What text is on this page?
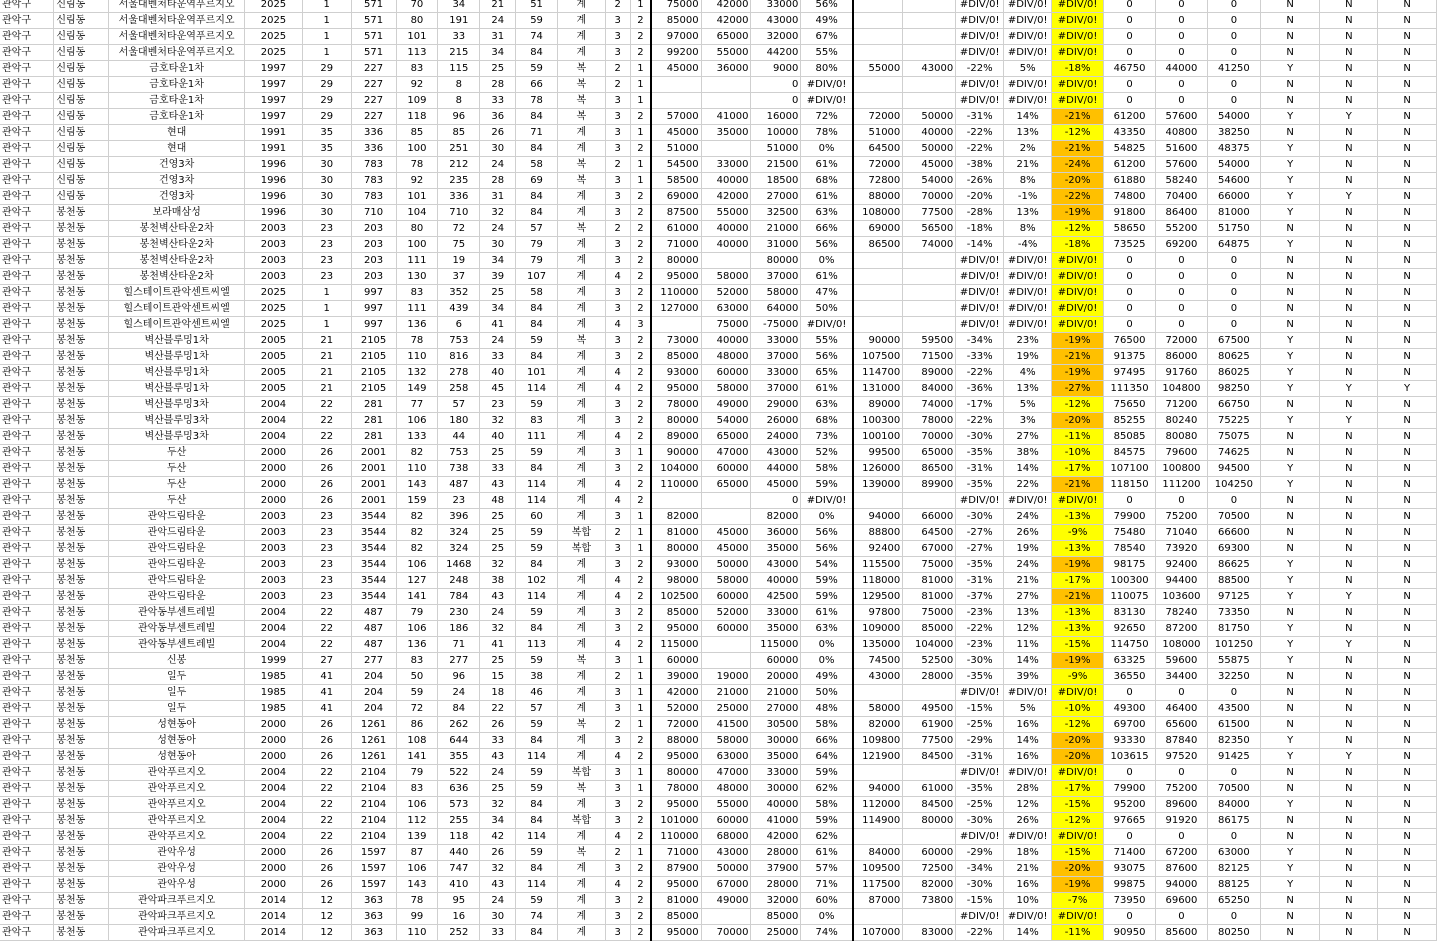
관악구	신림동	서울대벤처타운역푸르지오	2025	1	571	70	34	21	51	계	2	1	75000	42000	33000	56%			#DIV/0!	#DIV/0!	#DIV/0!	0	0	0	N	N	N
관악구	신림동	서울대벤처타운역푸르지오	2025	1	571	80	191	24	59	계	3	2	85000	42000	43000	49%			#DIV/0!	#DIV/0!	#DIV/0!	0	0	0	N	N	N
관악구	신림동	서울대벤처타운역푸르지오	2025	1	571	101	33	31	74	계	3	2	97000	65000	32000	67%			#DIV/0!	#DIV/0!	#DIV/0!	0	0	0	N	N	N
관악구	신림동	서울대벤처타운역푸르지오	2025	1	571	113	215	34	84	계	3	2	99200	55000	44200	55%			#DIV/0!	#DIV/0!	#DIV/0!	0	0	0	N	N	N
관악구	신림동	금호타운1차	1997	29	227	83	115	25	59	복	2	1	45000	36000	9000	80%	55000	43000	-22%	5%	-18%	46750	44000	41250	Y	N	N
관악구	신림동	금호타운1차	1997	29	227	92	8	28	66	복	2	1			0	#DIV/0!			#DIV/0!	#DIV/0!	#DIV/0!	0	0	0	N	N	N
관악구	신림동	금호타운1차	1997	29	227	109	8	33	78	복	3	1			0	#DIV/0!			#DIV/0!	#DIV/0!	#DIV/0!	0	0	0	N	N	N
관악구	신림동	금호타운1차	1997	29	227	118	96	36	84	복	3	2	57000	41000	16000	72%	72000	50000	-31%	14%	-21%	61200	57600	54000	Y	Y	N
관악구	신림동	현대	1991	35	336	85	85	26	71	계	3	1	45000	35000	10000	78%	51000	40000	-22%	13%	-12%	43350	40800	38250	N	N	N
관악구	신림동	현대	1991	35	336	100	251	30	84	계	3	2	51000		51000	0%	64500	50000	-22%	2%	-21%	54825	51600	48375	Y	N	N
관악구	신림동	건영3차	1996	30	783	78	212	24	58	복	2	1	54500	33000	21500	61%	72000	45000	-38%	21%	-24%	61200	57600	54000	Y	N	N
관악구	신림동	건영3차	1996	30	783	92	235	28	69	복	3	1	58500	40000	18500	68%	72800	54000	-26%	8%	-20%	61880	58240	54600	Y	N	N
관악구	신림동	건영3차	1996	30	783	101	336	31	84	계	3	2	69000	42000	27000	61%	88000	70000	-20%	-1%	-22%	74800	70400	66000	Y	Y	N
관악구	봉천동	보라매삼성	1996	30	710	104	710	32	84	계	3	2	87500	55000	32500	63%	108000	77500	-28%	13%	-19%	91800	86400	81000	Y	N	N
관악구	봉천동	봉천벽산타운2차	2003	23	203	80	72	24	57	복	2	2	61000	40000	21000	66%	69000	56500	-18%	8%	-12%	58650	55200	51750	N	N	N
관악구	봉천동	봉천벽산타운2차	2003	23	203	100	75	30	79	계	3	2	71000	40000	31000	56%	86500	74000	-14%	-4%	-18%	73525	69200	64875	Y	N	N
관악구	봉천동	봉천벽산타운2차	2003	23	203	111	19	34	79	계	3	2	80000		80000	0%			#DIV/0!	#DIV/0!	#DIV/0!	0	0	0	N	N	N
관악구	봉천동	봉천벽산타운2차	2003	23	203	130	37	39	107	계	4	2	95000	58000	37000	61%			#DIV/0!	#DIV/0!	#DIV/0!	0	0	0	N	N	N
관악구	봉천동	힐스테이트관악센트씨엘	2025	1	997	83	352	25	58	계	3	2	110000	52000	58000	47%			#DIV/0!	#DIV/0!	#DIV/0!	0	0	0	N	N	N
관악구	봉천동	힐스테이트관악센트씨엘	2025	1	997	111	439	34	84	계	3	2	127000	63000	64000	50%			#DIV/0!	#DIV/0!	#DIV/0!	0	0	0	N	N	N
관악구	봉천동	힐스테이트관악센트씨엘	2025	1	997	136	6	41	84	계	4	3		75000	-75000	#DIV/0!			#DIV/0!	#DIV/0!	#DIV/0!	0	0	0	N	N	N
관악구	봉천동	벽산블루밍1차	2005	21	2105	78	753	24	59	복	3	2	73000	40000	33000	55%	90000	59500	-34%	23%	-19%	76500	72000	67500	Y	N	N
관악구	봉천동	벽산블루밍1차	2005	21	2105	110	816	33	84	계	3	2	85000	48000	37000	56%	107500	71500	-33%	19%	-21%	91375	86000	80625	Y	N	N
관악구	봉천동	벽산블루밍1차	2005	21	2105	132	278	40	101	계	4	2	93000	60000	33000	65%	114700	89000	-22%	4%	-19%	97495	91760	86025	Y	N	N
관악구	봉천동	벽산블루밍1차	2005	21	2105	149	258	45	114	계	4	2	95000	58000	37000	61%	131000	84000	-36%	13%	-27%	111350	104800	98250	Y	Y	Y
관악구	봉천동	벽산블루밍3차	2004	22	281	77	57	23	59	계	3	2	78000	49000	29000	63%	89000	74000	-17%	5%	-12%	75650	71200	66750	N	N	N
관악구	봉천동	벽산블루밍3차	2004	22	281	106	180	32	83	계	3	2	80000	54000	26000	68%	100300	78000	-22%	3%	-20%	85255	80240	75225	Y	Y	N
관악구	봉천동	벽산블루밍3차	2004	22	281	133	44	40	111	계	4	2	89000	65000	24000	73%	100100	70000	-30%	27%	-11%	85085	80080	75075	N	N	N
관악구	봉천동	두산	2000	26	2001	82	753	25	59	계	3	1	90000	47000	43000	52%	99500	65000	-35%	38%	-10%	84575	79600	74625	N	N	N
관악구	봉천동	두산	2000	26	2001	110	738	33	84	계	3	2	104000	60000	44000	58%	126000	86500	-31%	14%	-17%	107100	100800	94500	Y	N	N
관악구	봉천동	두산	2000	26	2001	143	487	43	114	계	4	2	110000	65000	45000	59%	139000	89900	-35%	22%	-21%	118150	111200	104250	Y	N	N
관악구	봉천동	두산	2000	26	2001	159	23	48	114	계	4	2			0	#DIV/0!			#DIV/0!	#DIV/0!	#DIV/0!	0	0	0	N	N	N
관악구	봉천동	관악드림타운	2003	23	3544	82	396	25	60	계	3	1	82000		82000	0%	94000	66000	-30%	24%	-13%	79900	75200	70500	N	N	N
관악구	봉천동	관악드림타운	2003	23	3544	82	324	25	59	복합	2	1	81000	45000	36000	56%	88800	64500	-27%	26%	-9%	75480	71040	66600	N	N	N
관악구	봉천동	관악드림타운	2003	23	3544	82	324	25	59	복합	3	1	80000	45000	35000	56%	92400	67000	-27%	19%	-13%	78540	73920	69300	N	N	N
관악구	봉천동	관악드림타운	2003	23	3544	106	1468	32	84	계	3	2	93000	50000	43000	54%	115500	75000	-35%	24%	-19%	98175	92400	86625	Y	N	N
관악구	봉천동	관악드림타운	2003	23	3544	127	248	38	102	계	4	2	98000	58000	40000	59%	118000	81000	-31%	21%	-17%	100300	94400	88500	Y	N	N
관악구	봉천동	관악드림타운	2003	23	3544	141	784	43	114	계	4	2	102500	60000	42500	59%	129500	81000	-37%	27%	-21%	110075	103600	97125	Y	Y	N
관악구	봉천동	관악동부센트레빌	2004	22	487	79	230	24	59	계	3	2	85000	52000	33000	61%	97800	75000	-23%	13%	-13%	83130	78240	73350	N	N	N
관악구	봉천동	관악동부센트레빌	2004	22	487	106	186	32	84	계	3	2	95000	60000	35000	63%	109000	85000	-22%	12%	-13%	92650	87200	81750	Y	N	N
관악구	봉천동	관악동부센트레빌	2004	22	487	136	71	41	113	계	4	2	115000		115000	0%	135000	104000	-23%	11%	-15%	114750	108000	101250	Y	Y	N
관악구	봉천동	신봉	1999	27	277	83	277	25	59	복	3	1	60000		60000	0%	74500	52500	-30%	14%	-19%	63325	59600	55875	Y	N	N
관악구	봉천동	일두	1985	41	204	50	96	15	38	계	2	1	39000	19000	20000	49%	43000	28000	-35%	39%	-9%	36550	34400	32250	N	N	N
관악구	봉천동	일두	1985	41	204	59	24	18	46	계	3	1	42000	21000	21000	50%			#DIV/0!	#DIV/0!	#DIV/0!	0	0	0	N	N	N
관악구	봉천동	일두	1985	41	204	72	84	22	57	계	3	1	52000	25000	27000	48%	58000	49500	-15%	5%	-10%	49300	46400	43500	N	N	N
관악구	봉천동	성현동아	2000	26	1261	86	262	26	59	복	2	1	72000	41500	30500	58%	82000	61900	-25%	16%	-12%	69700	65600	61500	N	N	N
관악구	봉천동	성현동아	2000	26	1261	108	644	33	84	계	3	2	88000	58000	30000	66%	109800	77500	-29%	14%	-20%	93330	87840	82350	Y	N	N
관악구	봉천동	성현동아	2000	26	1261	141	355	43	114	계	4	2	95000	63000	35000	64%	121900	84500	-31%	16%	-20%	103615	97520	91425	Y	Y	N
관악구	봉천동	관악푸르지오	2004	22	2104	79	522	24	59	복합	3	1	80000	47000	33000	59%			#DIV/0!	#DIV/0!	#DIV/0!	0	0	0	N	N	N
관악구	봉천동	관악푸르지오	2004	22	2104	83	636	25	59	복	3	1	78000	48000	30000	62%	94000	61000	-35%	28%	-17%	79900	75200	70500	N	N	N
관악구	봉천동	관악푸르지오	2004	22	2104	106	573	32	84	계	3	2	95000	55000	40000	58%	112000	84500	-25%	12%	-15%	95200	89600	84000	Y	N	N
관악구	봉천동	관악푸르지오	2004	22	2104	112	255	34	84	복합	3	2	101000	60000	41000	59%	114900	80000	-30%	26%	-12%	97665	91920	86175	N	N	N
관악구	봉천동	관악푸르지오	2004	22	2104	139	118	42	114	계	4	2	110000	68000	42000	62%			#DIV/0!	#DIV/0!	#DIV/0!	0	0	0	N	N	N
관악구	봉천동	관악우성	2000	26	1597	87	440	26	59	복	2	1	71000	43000	28000	61%	84000	60000	-29%	18%	-15%	71400	67200	63000	Y	N	N
관악구	봉천동	관악우성	2000	26	1597	106	747	32	84	계	3	2	87900	50000	37900	57%	109500	72500	-34%	21%	-20%	93075	87600	82125	Y	N	N
관악구	봉천동	관악우성	2000	26	1597	143	410	43	114	계	4	2	95000	67000	28000	71%	117500	82000	-30%	16%	-19%	99875	94000	88125	Y	N	N
관악구	봉천동	관악파크푸르지오	2014	12	363	78	95	24	59	계	3	2	81000	49000	32000	60%	87000	73800	-15%	10%	-7%	73950	69600	65250	N	N	N
관악구	봉천동	관악파크푸르지오	2014	12	363	99	16	30	74	계	3	2	85000		85000	0%			#DIV/0!	#DIV/0!	#DIV/0!	0	0	0	N	N	N
관악구	봉천동	관악파크푸르지오	2014	12	363	110	252	33	84	계	3	2	95000	70000	25000	74%	107000	83000	-22%	14%	-11%	90950	85600	80250	N	N	N
